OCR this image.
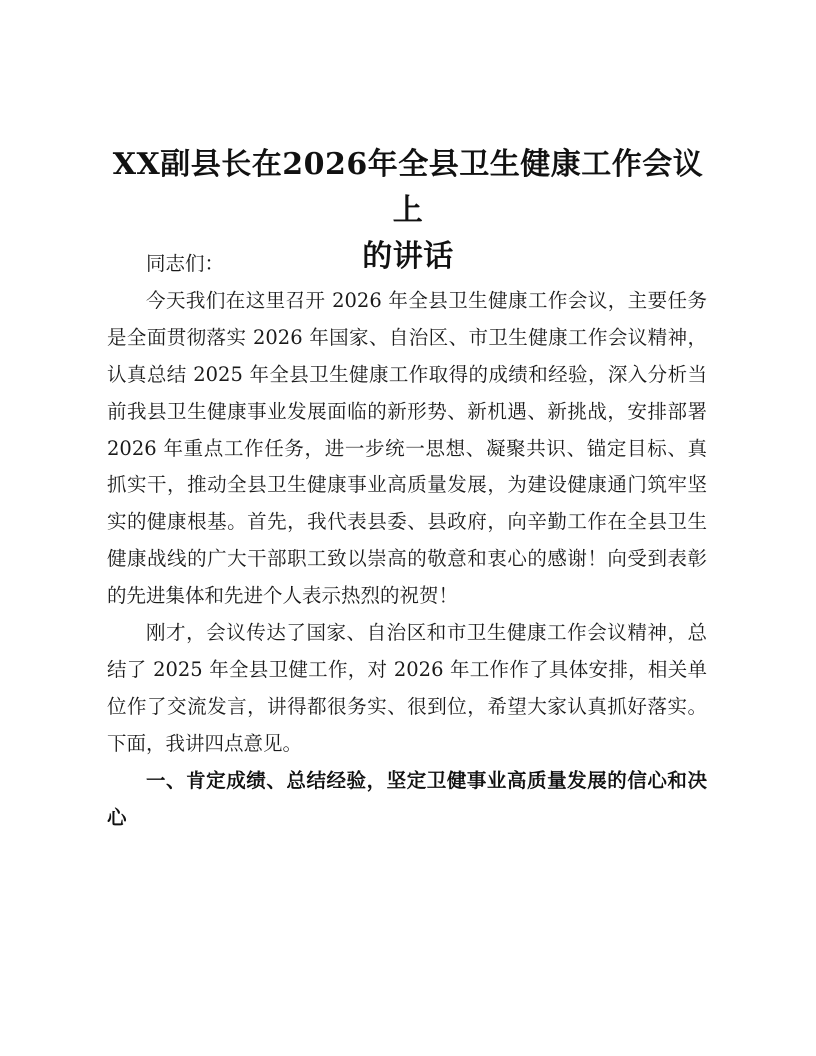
XX副县长在2026年全县卫生健康工作会议上
的讲话

同志们：

今天我们在这里召开 2026 年全县卫生健康工作会议，主要任务是全面贯彻落实 2026 年国家、自治区、市卫生健康工作会议精神，认真总结 2025 年全县卫生健康工作取得的成绩和经验，深入分析当前我县卫生健康事业发展面临的新形势、新机遇、新挑战，安排部署 2026 年重点工作任务，进一步统一思想、凝聚共识、锚定目标、真抓实干，推动全县卫生健康事业高质量发展，为建设健康通门筑牢坚实的健康根基。首先，我代表县委、县政府，向辛勤工作在全县卫生健康战线的广大干部职工致以崇高的敬意和衷心的感谢！向受到表彰的先进集体和先进个人表示热烈的祝贺！

刚才，会议传达了国家、自治区和市卫生健康工作会议精神，总结了 2025 年全县卫健工作，对 2026 年工作作了具体安排，相关单位作了交流发言，讲得都很务实、很到位，希望大家认真抓好落实。下面，我讲四点意见。

一、肯定成绩、总结经验，坚定卫健事业高质量发展的信心和决心
